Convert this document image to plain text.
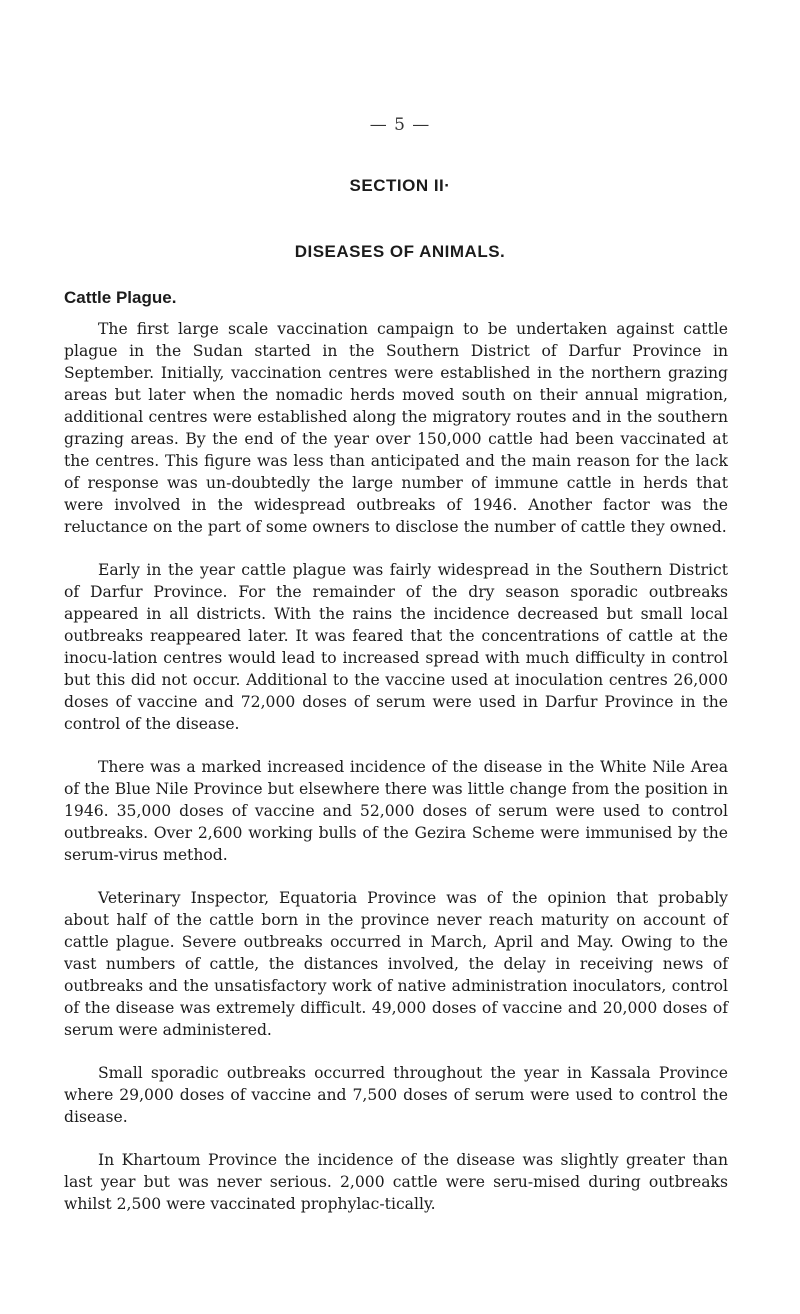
— 5 —
SECTION II·
DISEASES OF ANIMALS.
Cattle Plague.

The first large scale vaccination campaign to be undertaken against cattle plague in the Sudan started in the Southern District of Darfur Province in September. Initially, vaccination centres were established in the northern grazing areas but later when the nomadic herds moved south on their annual migration, additional centres were established along the migratory routes and in the southern grazing areas. By the end of the year over 150,000 cattle had been vaccinated at the centres. This figure was less than anticipated and the main reason for the lack of response was un-doubtedly the large number of immune cattle in herds that were involved in the widespread outbreaks of 1946. Another factor was the reluctance on the part of some owners to disclose the number of cattle they owned.

Early in the year cattle plague was fairly widespread in the Southern District of Darfur Province. For the remainder of the dry season sporadic outbreaks appeared in all districts. With the rains the incidence decreased but small local outbreaks reappeared later. It was feared that the concentrations of cattle at the inocu-lation centres would lead to increased spread with much difficulty in control but this did not occur. Additional to the vaccine used at inoculation centres 26,000 doses of vaccine and 72,000 doses of serum were used in Darfur Province in the control of the disease.

There was a marked increased incidence of the disease in the White Nile Area of the Blue Nile Province but elsewhere there was little change from the position in 1946. 35,000 doses of vaccine and 52,000 doses of serum were used to control outbreaks. Over 2,600 working bulls of the Gezira Scheme were immunised by the serum-virus method.

Veterinary Inspector, Equatoria Province was of the opinion that probably about half of the cattle born in the province never reach maturity on account of cattle plague. Severe outbreaks occurred in March, April and May. Owing to the vast numbers of cattle, the distances involved, the delay in receiving news of outbreaks and the unsatisfactory work of native administration inoculators, control of the disease was extremely difficult. 49,000 doses of vaccine and 20,000 doses of serum were administered.

Small sporadic outbreaks occurred throughout the year in Kassala Province where 29,000 doses of vaccine and 7,500 doses of serum were used to control the disease.

In Khartoum Province the incidence of the disease was slightly greater than last year but was never serious. 2,000 cattle were seru-mised during outbreaks whilst 2,500 were vaccinated prophylac-tically.
